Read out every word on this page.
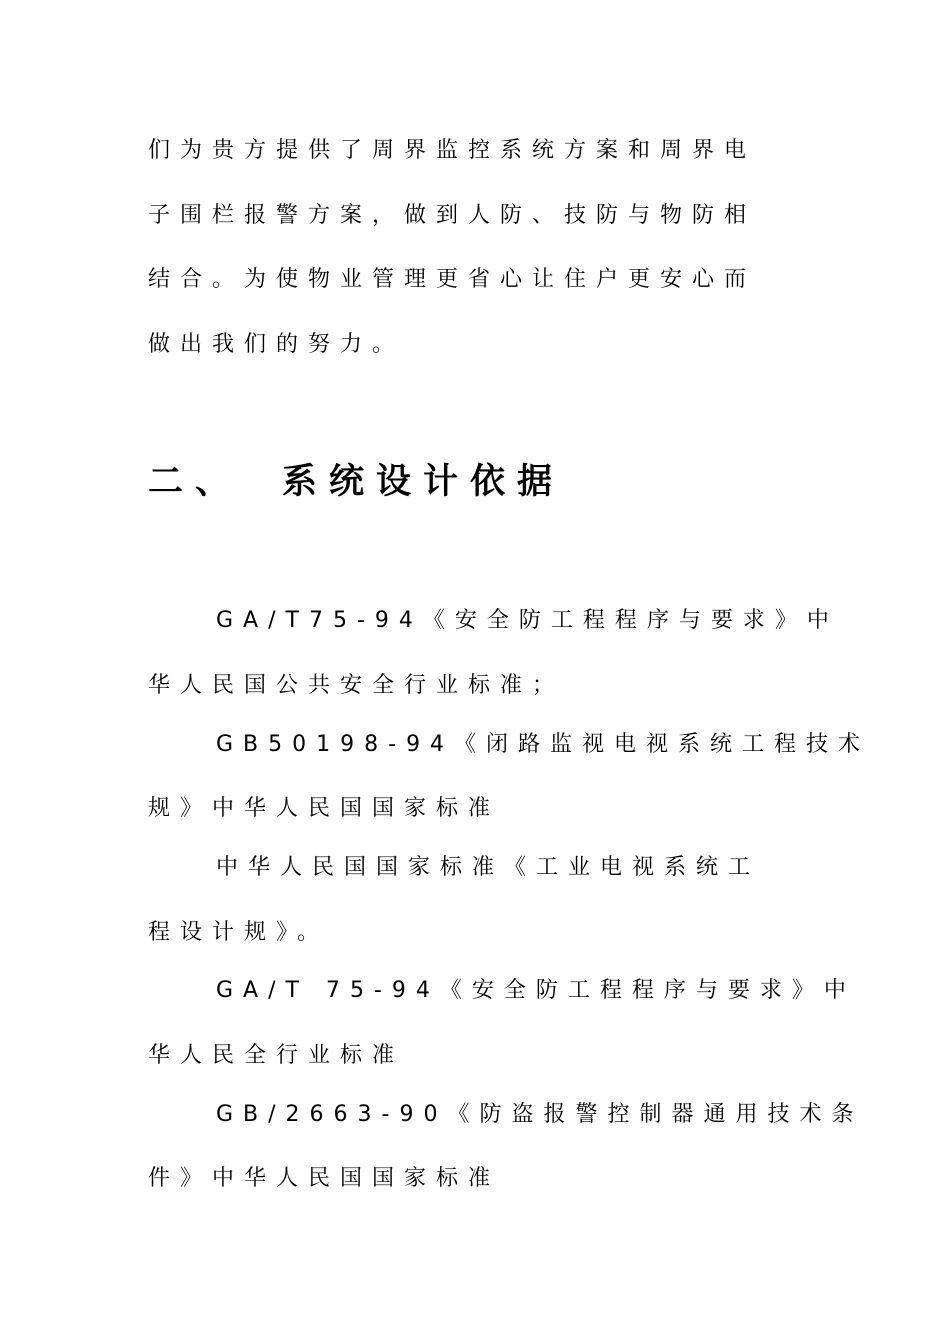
们为贵方提供了周界监控系统方案和周界电
子围栏报警方案，做到人防、技防与物防相
结合。为使物业管理更省心让住户更安心而
做出我们的努力。
二、 系统设计依据
GA/T75-94《安全防工程程序与要求》中
华人民国公共安全行业标准；
GB50198-94《闭路监视电视系统工程技术
规》中华人民国国家标准
中华人民国国家标准《工业电视系统工
程设计规》。
GA/T 75-94《安全防工程程序与要求》中
华人民全行业标准
GB/2663-90《防盗报警控制器通用技术条
件》中华人民国国家标准
